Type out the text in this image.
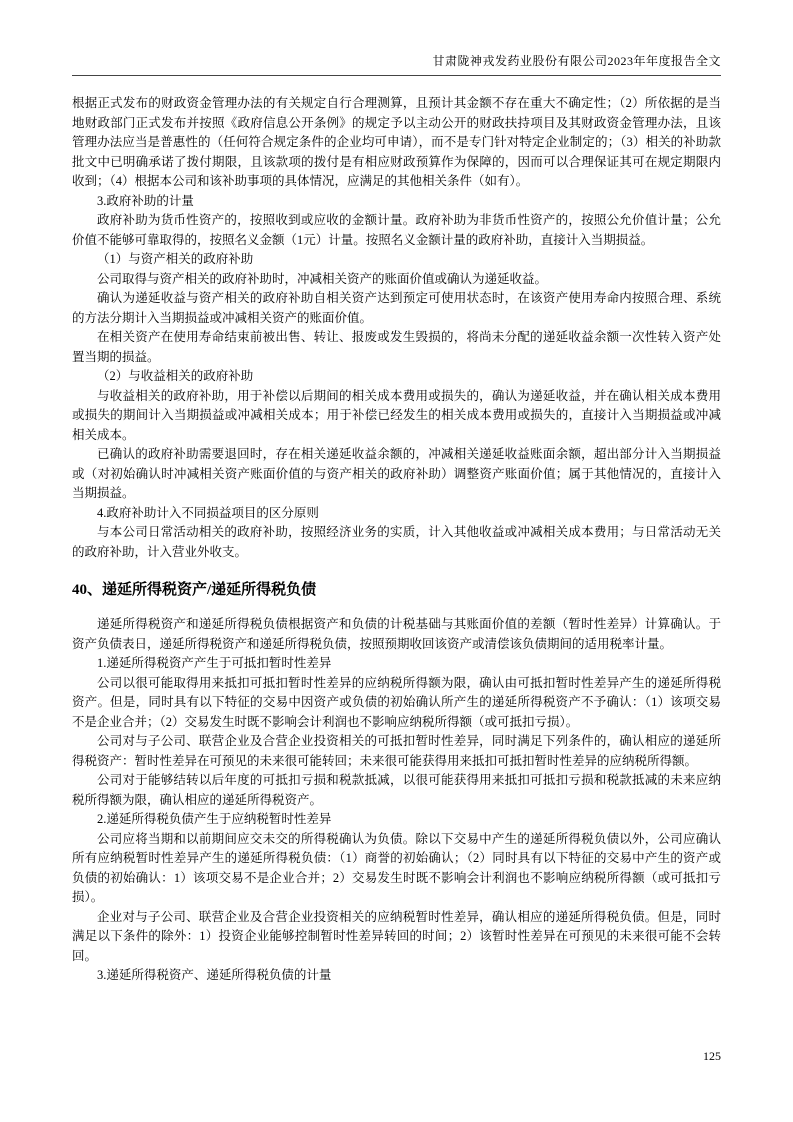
甘肃陇神戎发药业股份有限公司2023年年度报告全文

根据正式发布的财政资金管理办法的有关规定自行合理测算，且预计其金额不存在重大不确定性；（2）所依据的是当地财政部门正式发布并按照《政府信息公开条例》的规定予以主动公开的财政扶持项目及其财政资金管理办法，且该管理办法应当是普惠性的（任何符合规定条件的企业均可申请），而不是专门针对特定企业制定的；（3）相关的补助款批文中已明确承诺了拨付期限，且该款项的拨付是有相应财政预算作为保障的，因而可以合理保证其可在规定期限内收到；（4）根据本公司和该补助事项的具体情况，应满足的其他相关条件（如有）。

3.政府补助的计量

政府补助为货币性资产的，按照收到或应收的金额计量。政府补助为非货币性资产的，按照公允价值计量；公允价值不能够可靠取得的，按照名义金额（1元）计量。按照名义金额计量的政府补助，直接计入当期损益。

（1）与资产相关的政府补助

公司取得与资产相关的政府补助时，冲减相关资产的账面价值或确认为递延收益。

确认为递延收益与资产相关的政府补助自相关资产达到预定可使用状态时，在该资产使用寿命内按照合理、系统的方法分期计入当期损益或冲减相关资产的账面价值。

在相关资产在使用寿命结束前被出售、转让、报废或发生毁损的，将尚未分配的递延收益余额一次性转入资产处置当期的损益。

（2）与收益相关的政府补助

与收益相关的政府补助，用于补偿以后期间的相关成本费用或损失的，确认为递延收益，并在确认相关成本费用或损失的期间计入当期损益或冲减相关成本；用于补偿已经发生的相关成本费用或损失的，直接计入当期损益或冲减相关成本。

已确认的政府补助需要退回时，存在相关递延收益余额的，冲减相关递延收益账面余额，超出部分计入当期损益或（对初始确认时冲减相关资产账面价值的与资产相关的政府补助）调整资产账面价值；属于其他情况的，直接计入当期损益。

4.政府补助计入不同损益项目的区分原则

与本公司日常活动相关的政府补助，按照经济业务的实质，计入其他收益或冲减相关成本费用；与日常活动无关的政府补助，计入营业外收支。

40、递延所得税资产/递延所得税负债

递延所得税资产和递延所得税负债根据资产和负债的计税基础与其账面价值的差额（暂时性差异）计算确认。于资产负债表日，递延所得税资产和递延所得税负债，按照预期收回该资产或清偿该负债期间的适用税率计量。

1.递延所得税资产产生于可抵扣暂时性差异

公司以很可能取得用来抵扣可抵扣暂时性差异的应纳税所得额为限，确认由可抵扣暂时性差异产生的递延所得税资产。但是，同时具有以下特征的交易中因资产或负债的初始确认所产生的递延所得税资产不予确认：（1）该项交易不是企业合并；（2）交易发生时既不影响会计利润也不影响应纳税所得额（或可抵扣亏损）。

公司对与子公司、联营企业及合营企业投资相关的可抵扣暂时性差异，同时满足下列条件的，确认相应的递延所得税资产：暂时性差异在可预见的未来很可能转回；未来很可能获得用来抵扣可抵扣暂时性差异的应纳税所得额。

公司对于能够结转以后年度的可抵扣亏损和税款抵减，以很可能获得用来抵扣可抵扣亏损和税款抵减的未来应纳税所得额为限，确认相应的递延所得税资产。

2.递延所得税负债产生于应纳税暂时性差异

公司应将当期和以前期间应交未交的所得税确认为负债。除以下交易中产生的递延所得税负债以外，公司应确认所有应纳税暂时性差异产生的递延所得税负债：（1）商誉的初始确认；（2）同时具有以下特征的交易中产生的资产或负债的初始确认：1）该项交易不是企业合并；2）交易发生时既不影响会计利润也不影响应纳税所得额（或可抵扣亏损）。

企业对与子公司、联营企业及合营企业投资相关的应纳税暂时性差异，确认相应的递延所得税负债。但是，同时满足以下条件的除外：1）投资企业能够控制暂时性差异转回的时间；2）该暂时性差异在可预见的未来很可能不会转回。

3.递延所得税资产、递延所得税负债的计量

125
